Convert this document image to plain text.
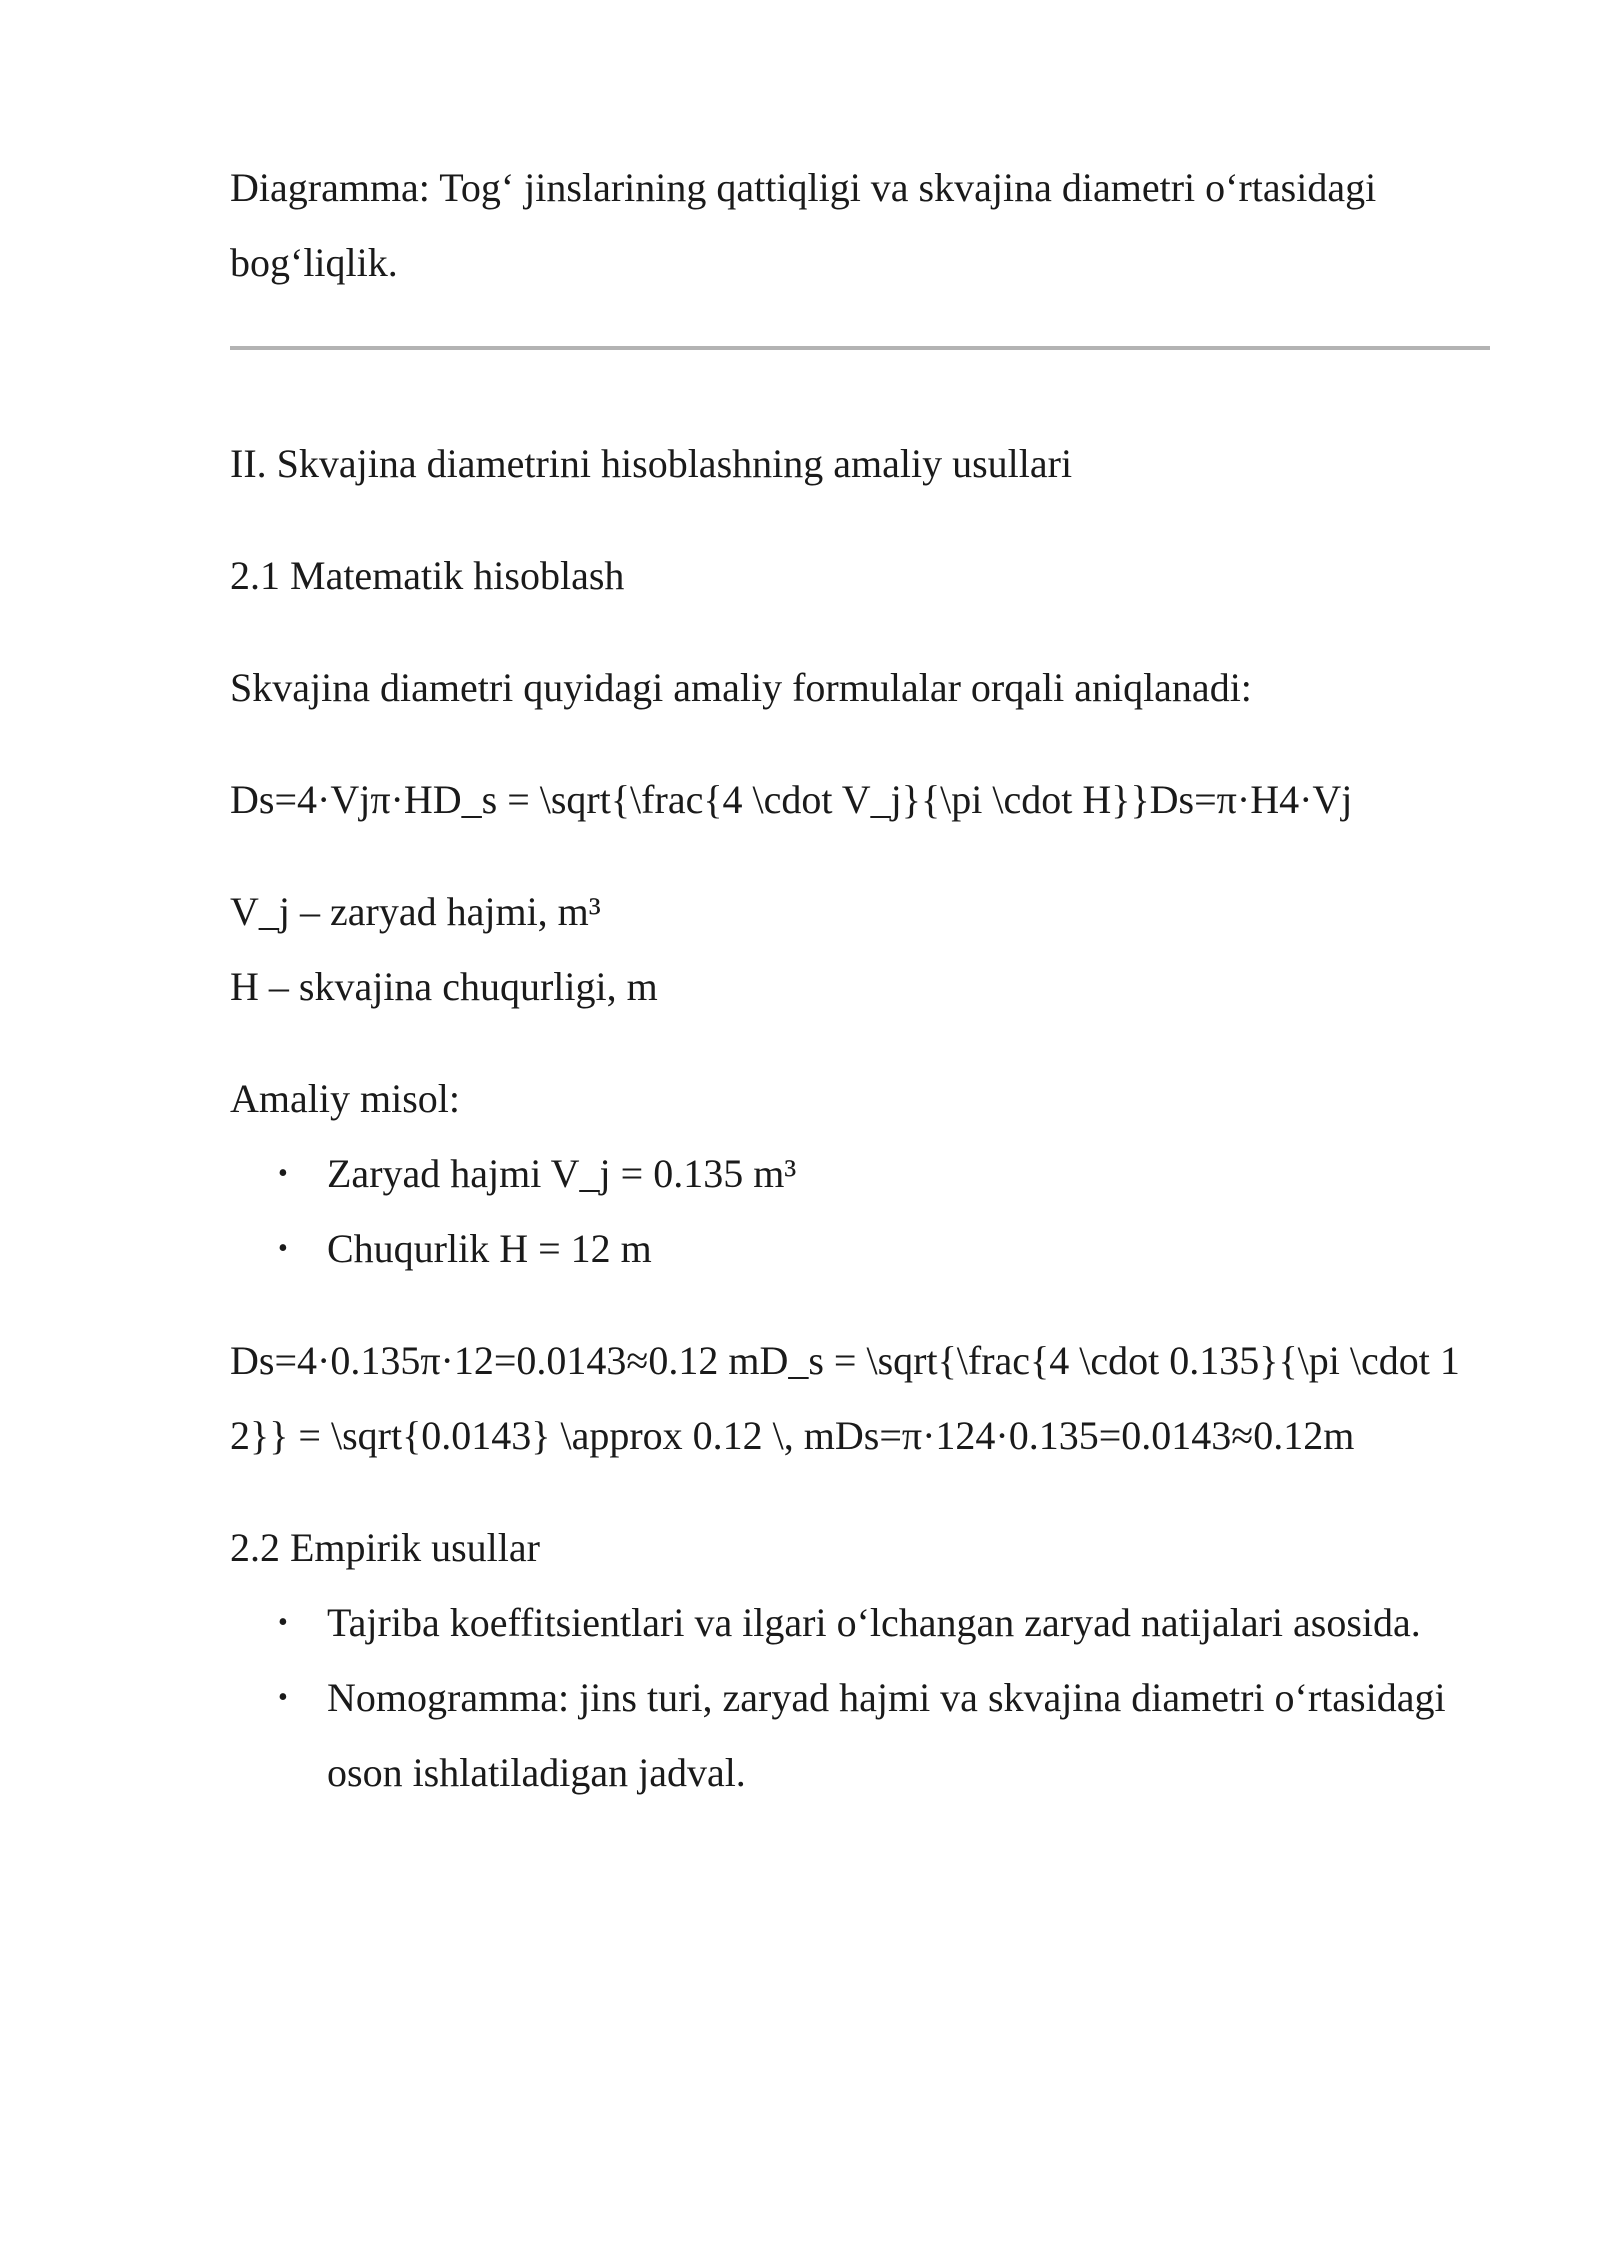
Diagramma: Tog‘ jinslarining qattiqligi va skvajina diametri o‘rtasidagi bog‘liqlik.

II. Skvajina diametrini hisoblashning amaliy usullari

2.1 Matematik hisoblash

Skvajina diametri quyidagi amaliy formulalar orqali aniqlanadi:

Ds=4·Vjπ·HD_s = \sqrt{\frac{4 \cdot V_j}{\pi \cdot H}}Ds=π·H4·Vj

V_j – zaryad hajmi, m³

H – skvajina chuqurligi, m

Amaliy misol:

• Zaryad hajmi V_j = 0.135 m³
• Chuqurlik H = 12 m

Ds=4·0.135π·12=0.0143≈0.12 mD_s = \sqrt{\frac{4 \cdot 0.135}{\pi \cdot 12}} = \sqrt{0.0143} \approx 0.12 \, mDs=π·124·0.135=0.0143≈0.12m

2.2 Empirik usullar

• Tajriba koeffitsientlari va ilgari o‘lchangan zaryad natijalari asosida.
• Nomogramma: jins turi, zaryad hajmi va skvajina diametri o‘rtasidagi oson ishlatiladigan jadval.
